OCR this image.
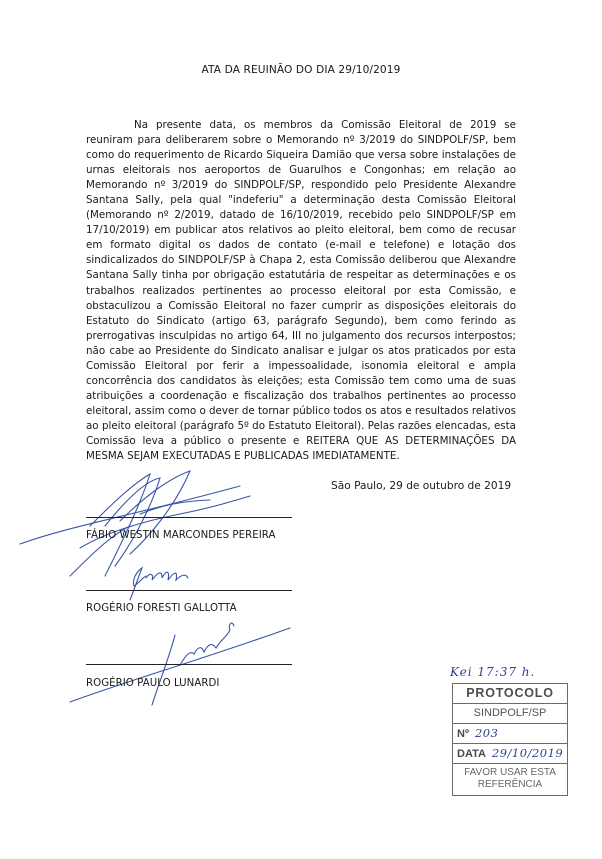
ATA DA REUINÃO DO DIA 29/10/2019

Na presente data, os membros da Comissão Eleitoral de 2019 se reuniram para deliberarem sobre o Memorando nº 3/2019 do SINDPOLF/SP, bem como do requerimento de Ricardo Siqueira Damião que versa sobre instalações de urnas eleitorais nos aeroportos de Guarulhos e Congonhas; em relação ao Memorando nº 3/2019 do SINDPOLF/SP, respondido pelo Presidente Alexandre Santana Sally, pela qual "indeferiu" a determinação desta Comissão Eleitoral (Memorando nº 2/2019, datado de 16/10/2019, recebido pelo SINDPOLF/SP em 17/10/2019) em publicar atos relativos ao pleito eleitoral, bem como de recusar em formato digital os dados de contato (e-mail e telefone) e lotação dos sindicalizados do SINDPOLF/SP à Chapa 2, esta Comissão deliberou que Alexandre Santana Sally tinha por obrigação estatutária de respeitar as determinações e os trabalhos realizados pertinentes ao processo eleitoral por esta Comissão, e obstaculizou a Comissão Eleitoral no fazer cumprir as disposições eleitorais do Estatuto do Sindicato (artigo 63, parágrafo Segundo), bem como ferindo as prerrogativas insculpidas no artigo 64, III no julgamento dos recursos interpostos; não cabe ao Presidente do Sindicato analisar e julgar os atos praticados por esta Comissão Eleitoral por ferir a impessoalidade, isonomia eleitoral e ampla concorrência dos candidatos às eleições; esta Comissão tem como uma de suas atribuições a coordenação e fiscalização dos trabalhos pertinentes ao processo eleitoral, assim como o dever de tornar público todos os atos e resultados relativos ao pleito eleitoral (parágrafo 5º do Estatuto Eleitoral). Pelas razões elencadas, esta Comissão leva a público o presente e REITERA QUE AS DETERMINAÇÕES DA MESMA SEJAM EXECUTADAS E PUBLICADAS IMEDIATAMENTE.

São Paulo, 29 de outubro de 2019
FÁBIO WESTIN MARCONDES PEREIRA
ROGÉRIO FORESTI GALLOTTA
ROGÉRIO PAULO LUNARDI
Kei 17:37 h.
PROTOCOLO
SINDPOLF/SP
Nº 203
DATA 29/10/2019
FAVOR USAR ESTA
REFERÊNCIA
